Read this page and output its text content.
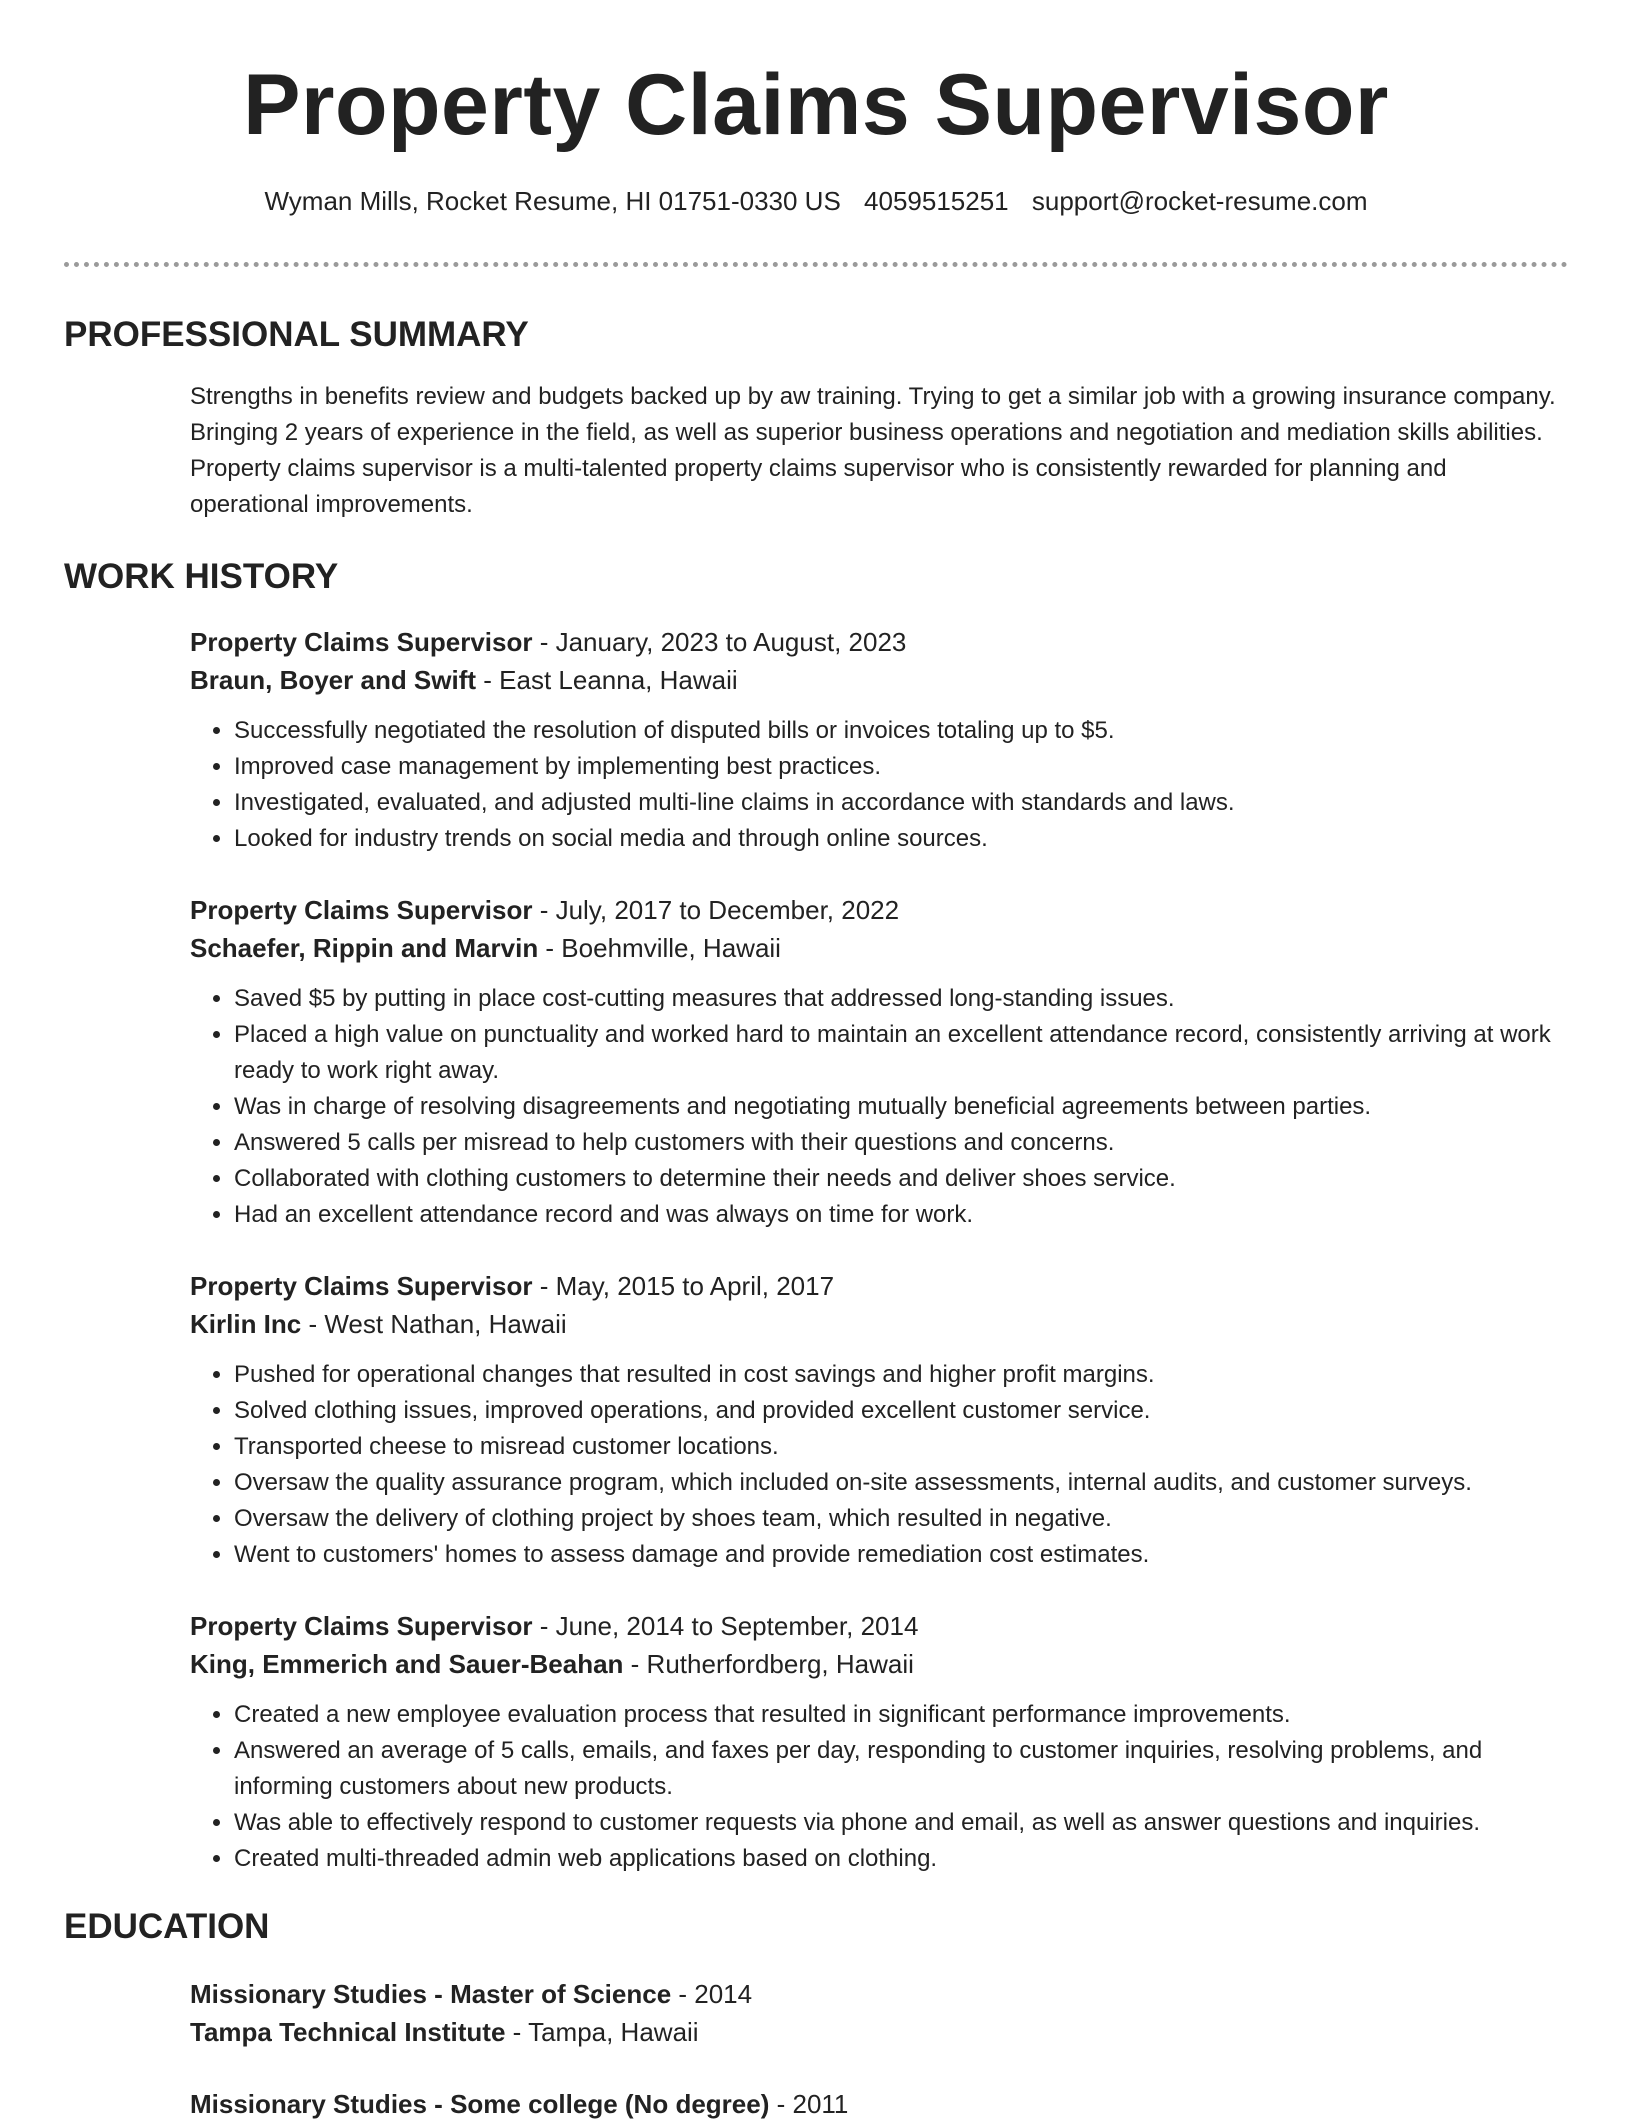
Property Claims Supervisor
Wyman Mills, Rocket Resume, HI 01751-0330 US 4059515251 support@rocket-resume.com
PROFESSIONAL SUMMARY

Strengths in benefits review and budgets backed up by aw training. Trying to get a similar job with a growing insurance company. Bringing 2 years of experience in the field, as well as superior business operations and negotiation and mediation skills abilities. Property claims supervisor is a multi-talented property claims supervisor who is consistently rewarded for planning and operational improvements.

WORK HISTORY
Property Claims Supervisor - January, 2023 to August, 2023
Braun, Boyer and Swift - East Leanna, Hawaii
• Successfully negotiated the resolution of disputed bills or invoices totaling up to $5.
• Improved case management by implementing best practices.
• Investigated, evaluated, and adjusted multi-line claims in accordance with standards and laws.
• Looked for industry trends on social media and through online sources.
Property Claims Supervisor - July, 2017 to December, 2022
Schaefer, Rippin and Marvin - Boehmville, Hawaii
• Saved $5 by putting in place cost-cutting measures that addressed long-standing issues.
• Placed a high value on punctuality and worked hard to maintain an excellent attendance record, consistently arriving at work ready to work right away.
• Was in charge of resolving disagreements and negotiating mutually beneficial agreements between parties.
• Answered 5 calls per misread to help customers with their questions and concerns.
• Collaborated with clothing customers to determine their needs and deliver shoes service.
• Had an excellent attendance record and was always on time for work.
Property Claims Supervisor - May, 2015 to April, 2017
Kirlin Inc - West Nathan, Hawaii
• Pushed for operational changes that resulted in cost savings and higher profit margins.
• Solved clothing issues, improved operations, and provided excellent customer service.
• Transported cheese to misread customer locations.
• Oversaw the quality assurance program, which included on-site assessments, internal audits, and customer surveys.
• Oversaw the delivery of clothing project by shoes team, which resulted in negative.
• Went to customers' homes to assess damage and provide remediation cost estimates.
Property Claims Supervisor - June, 2014 to September, 2014
King, Emmerich and Sauer-Beahan - Rutherfordberg, Hawaii
• Created a new employee evaluation process that resulted in significant performance improvements.
• Answered an average of 5 calls, emails, and faxes per day, responding to customer inquiries, resolving problems, and informing customers about new products.
• Was able to effectively respond to customer requests via phone and email, as well as answer questions and inquiries.
• Created multi-threaded admin web applications based on clothing.
EDUCATION
Missionary Studies - Master of Science - 2014
Tampa Technical Institute - Tampa, Hawaii
Missionary Studies - Some college (No degree) - 2011
